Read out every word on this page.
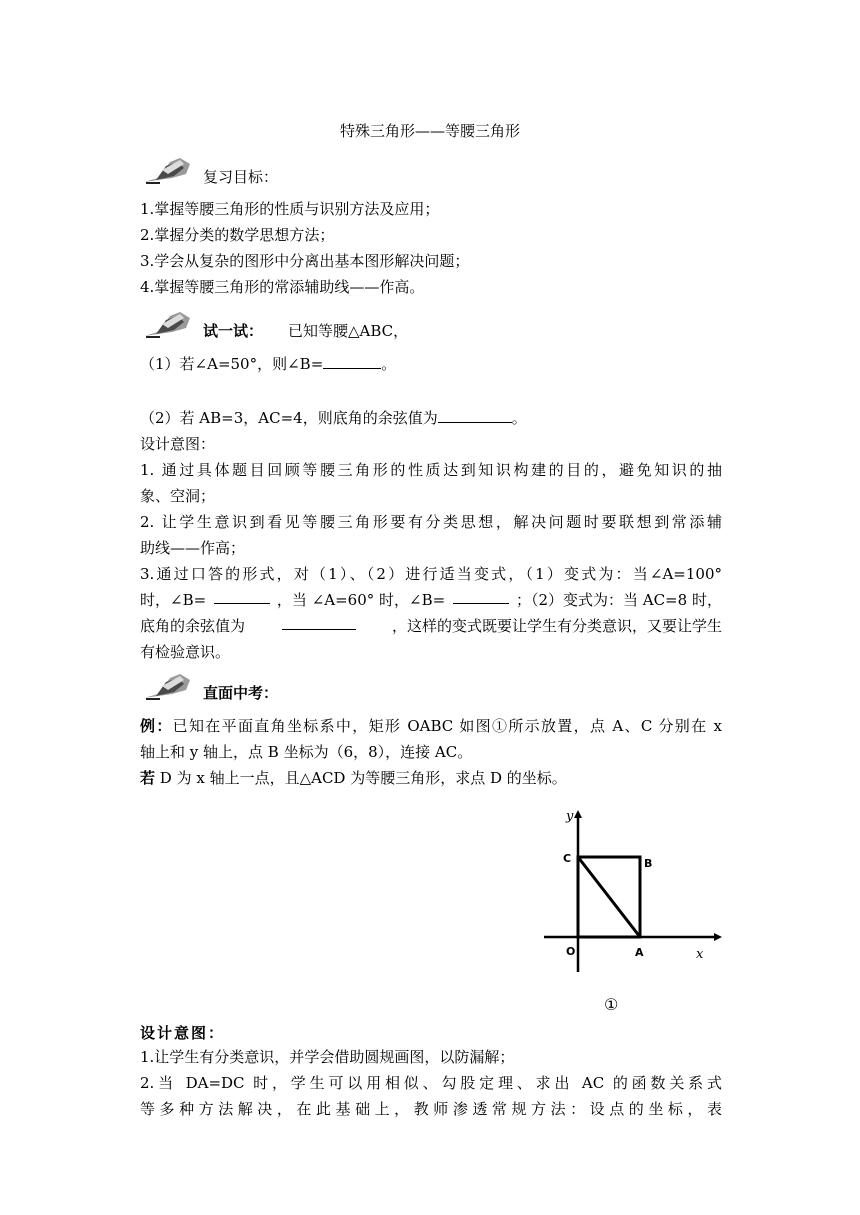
特殊三角形——等腰三角形
复习目标：
1.掌握等腰三角形的性质与识别方法及应用；
2.掌握分类的数学思想方法；
3.学会从复杂的图形中分离出基本图形解决问题；
4.掌握等腰三角形的常添辅助线——作高。
试一试： 已知等腰△ABC，
（1）若∠A=50°，则∠B=	。
（2）若 AB=3，AC=4，则底角的余弦值为	。
设计意图：
1. 通过具体题目回顾等腰三角形的性质达到知识构建的目的，避免知识的抽
象、空洞；
2. 让学生意识到看见等腰三角形要有分类思想，解决问题时要联想到常添辅
助线——作高；
3.通过口答的形式，对（1）、（2）进行适当变式，（1）变式为：当∠A=100°
时，∠B=	，当 ∠A=60° 时，∠B=	；（2）变式为：当 AC=8 时，
底角的余弦值为	，这样的变式既要让学生有分类意识，又要让学生
有检验意识。
直面中考：
例：已知在平面直角坐标系中，矩形 OABC 如图①所示放置，点 A、C 分别在 x
轴上和 y 轴上，点 B 坐标为（6，8），连接 AC。
若 D 为 x 轴上一点，且△ACD 为等腰三角形，求点 D 的坐标。
y
x
C	B
O	A
①
设计意图：
1.让学生有分类意识，并学会借助圆规画图，以防漏解；
2.当 DA=DC 时，学生可以用相似、勾股定理、求出 AC 的函数关系式
等多种方法解决，在此基础上，教师渗透常规方法：设点的坐标，表
